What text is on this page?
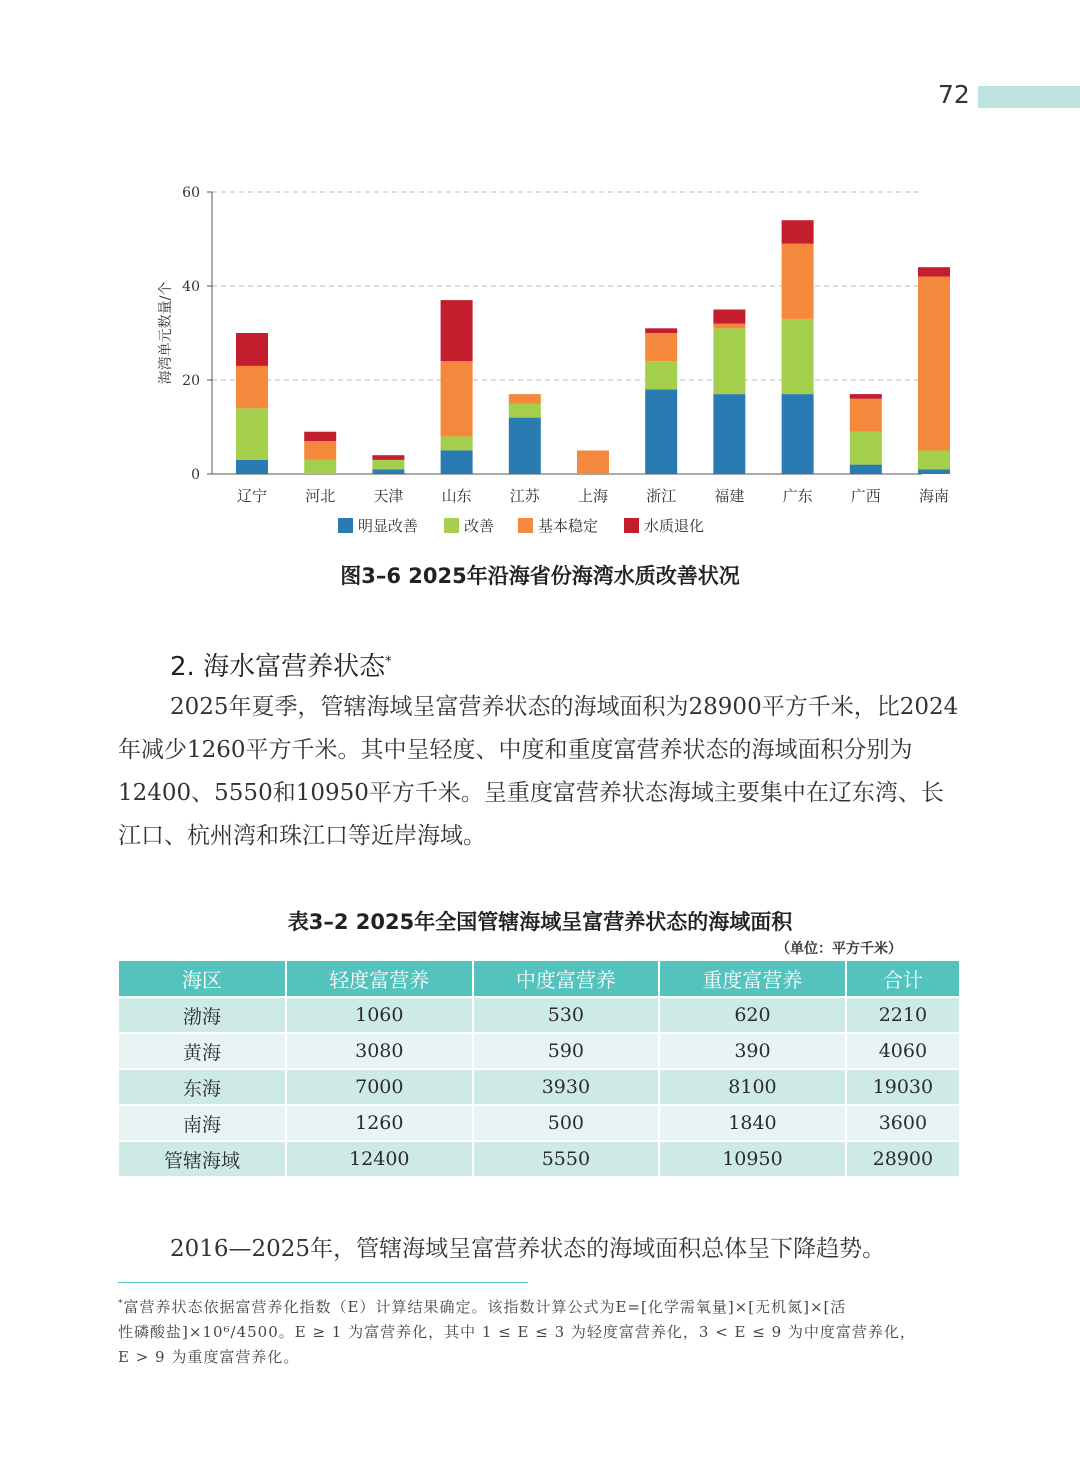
72
0
20
40
60
海湾单元数量/个
辽宁	河北	天津	山东	江苏	上海	浙江	福建	广东	广西	海南
明显改善	改善	基本稳定	水质退化
图3–6 2025年沿海省份海湾水质改善状况
2. 海水富营养状态*

2025年夏季，管辖海域呈富营养状态的海域面积为28900平方千米，比2024年减少1260平方千米。其中呈轻度、中度和重度富营养状态的海域面积分别为12400、5550和10950平方千米。呈重度富营养状态海域主要集中在辽东湾、长江口、杭州湾和珠江口等近岸海域。

表3–2 2025年全国管辖海域呈富营养状态的海域面积
（单位：平方千米）
海区	轻度富营养	中度富营养	重度富营养	合计
渤海	1060	530	620	2210
黄海	3080	590	390	4060
东海	7000	3930	8100	19030
南海	1260	500	1840	3600
管辖海域	12400	5550	10950	28900
2016—2025年，管辖海域呈富营养状态的海域面积总体呈下降趋势。

*富营养状态依据富营养化指数（E）计算结果确定。该指数计算公式为E=[化学需氧量]×[无机氮]×[活
性磷酸盐]×10⁶/4500。E ≥ 1 为富营养化，其中 1 ≤ E ≤ 3 为轻度富营养化，3 < E ≤ 9 为中度富营养化，
E > 9 为重度富营养化。
